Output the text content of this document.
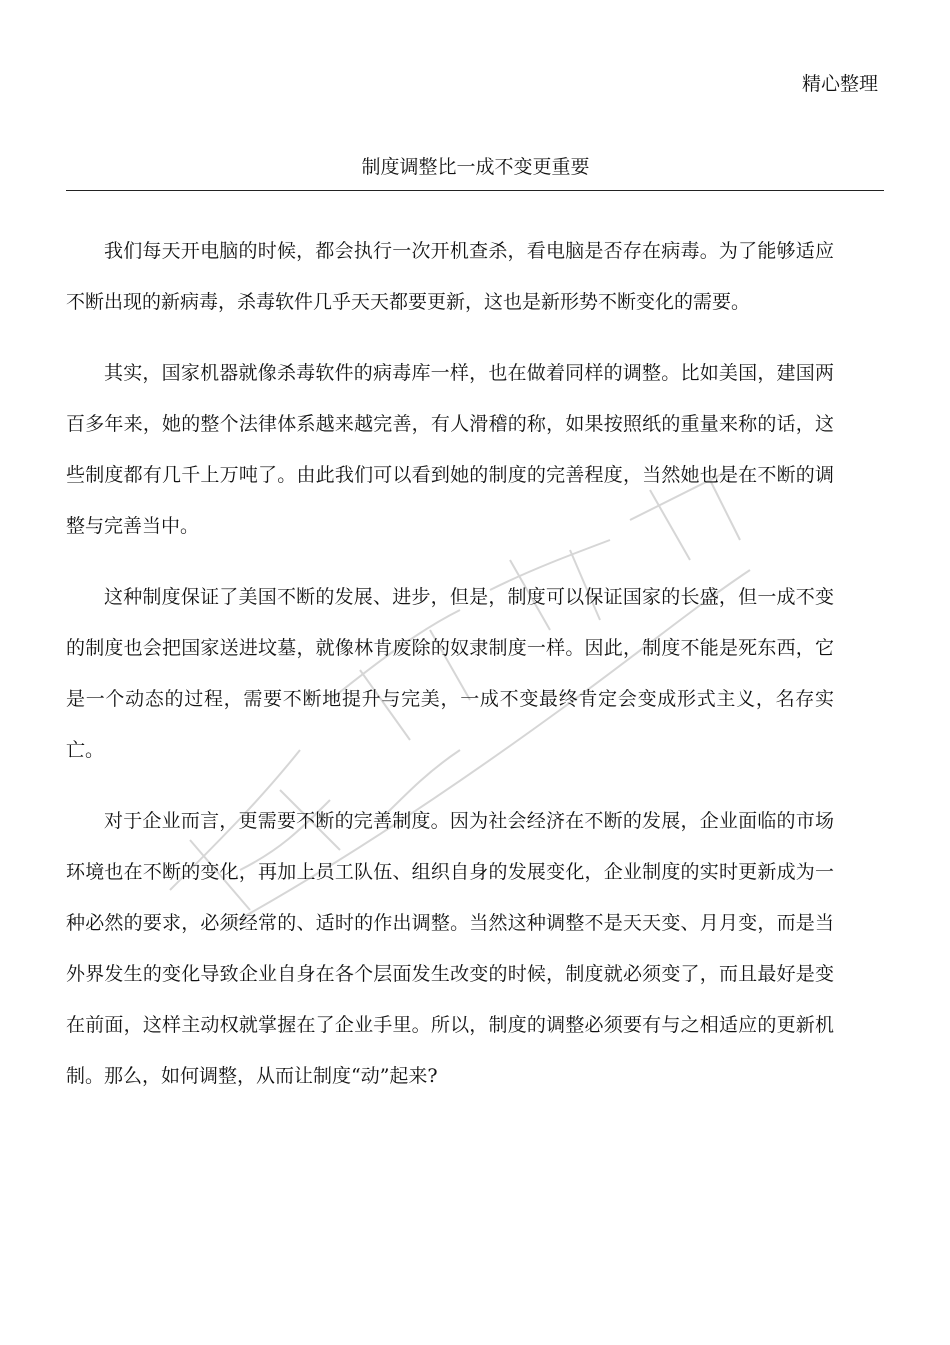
精心整理
制度调整比一成不变更重要

我们每天开电脑的时候，都会执行一次开机查杀，看电脑是否存在病毒。为了能够适应不断出现的新病毒，杀毒软件几乎天天都要更新，这也是新形势不断变化的需要。

其实，国家机器就像杀毒软件的病毒库一样，也在做着同样的调整。比如美国，建国两百多年来，她的整个法律体系越来越完善，有人滑稽的称，如果按照纸的重量来称的话，这些制度都有几千上万吨了。由此我们可以看到她的制度的完善程度，当然她也是在不断的调整与完善当中。

这种制度保证了美国不断的发展、进步，但是，制度可以保证国家的长盛，但一成不变的制度也会把国家送进坟墓，就像林肯废除的奴隶制度一样。因此，制度不能是死东西，它是一个动态的过程，需要不断地提升与完美，一成不变最终肯定会变成形式主义，名存实亡。

对于企业而言，更需要不断的完善制度。因为社会经济在不断的发展，企业面临的市场环境也在不断的变化，再加上员工队伍、组织自身的发展变化，企业制度的实时更新成为一种必然的要求，必须经常的、适时的作出调整。当然这种调整不是天天变、月月变，而是当外界发生的变化导致企业自身在各个层面发生改变的时候，制度就必须变了，而且最好是变在前面，这样主动权就掌握在了企业手里。所以，制度的调整必须要有与之相适应的更新机制。那么，如何调整，从而让制度“动”起来?
